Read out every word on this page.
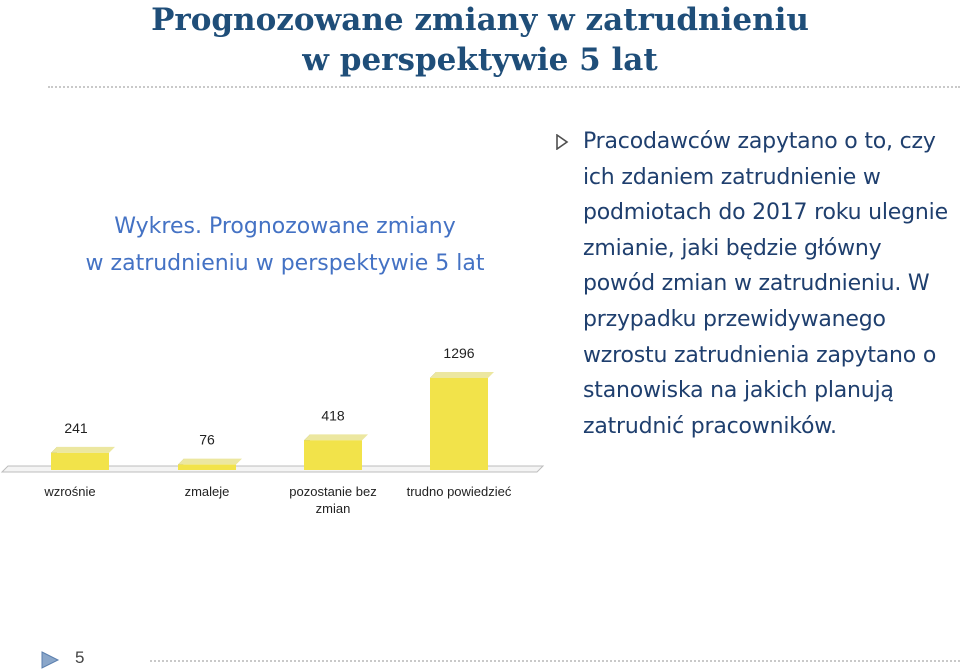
Prognozowane zmiany w zatrudnieniu
w perspektywie 5 lat
Wykres. Prognozowane zmiany
w zatrudnieniu w perspektywie 5 lat
241
76
418
1296
wzrośnie	zmaleje	pozostanie bez zmian
trudno powiedzieć

Pracodawców zapytano o to, czy ich zdaniem zatrudnienie w podmiotach do 2017 roku ulegnie zmianie, jaki będzie główny powód zmian w zatrudnieniu. W przypadku przewidywanego wzrostu zatrudnienia zapytano o stanowiska na jakich planują zatrudnić pracowników.

5
